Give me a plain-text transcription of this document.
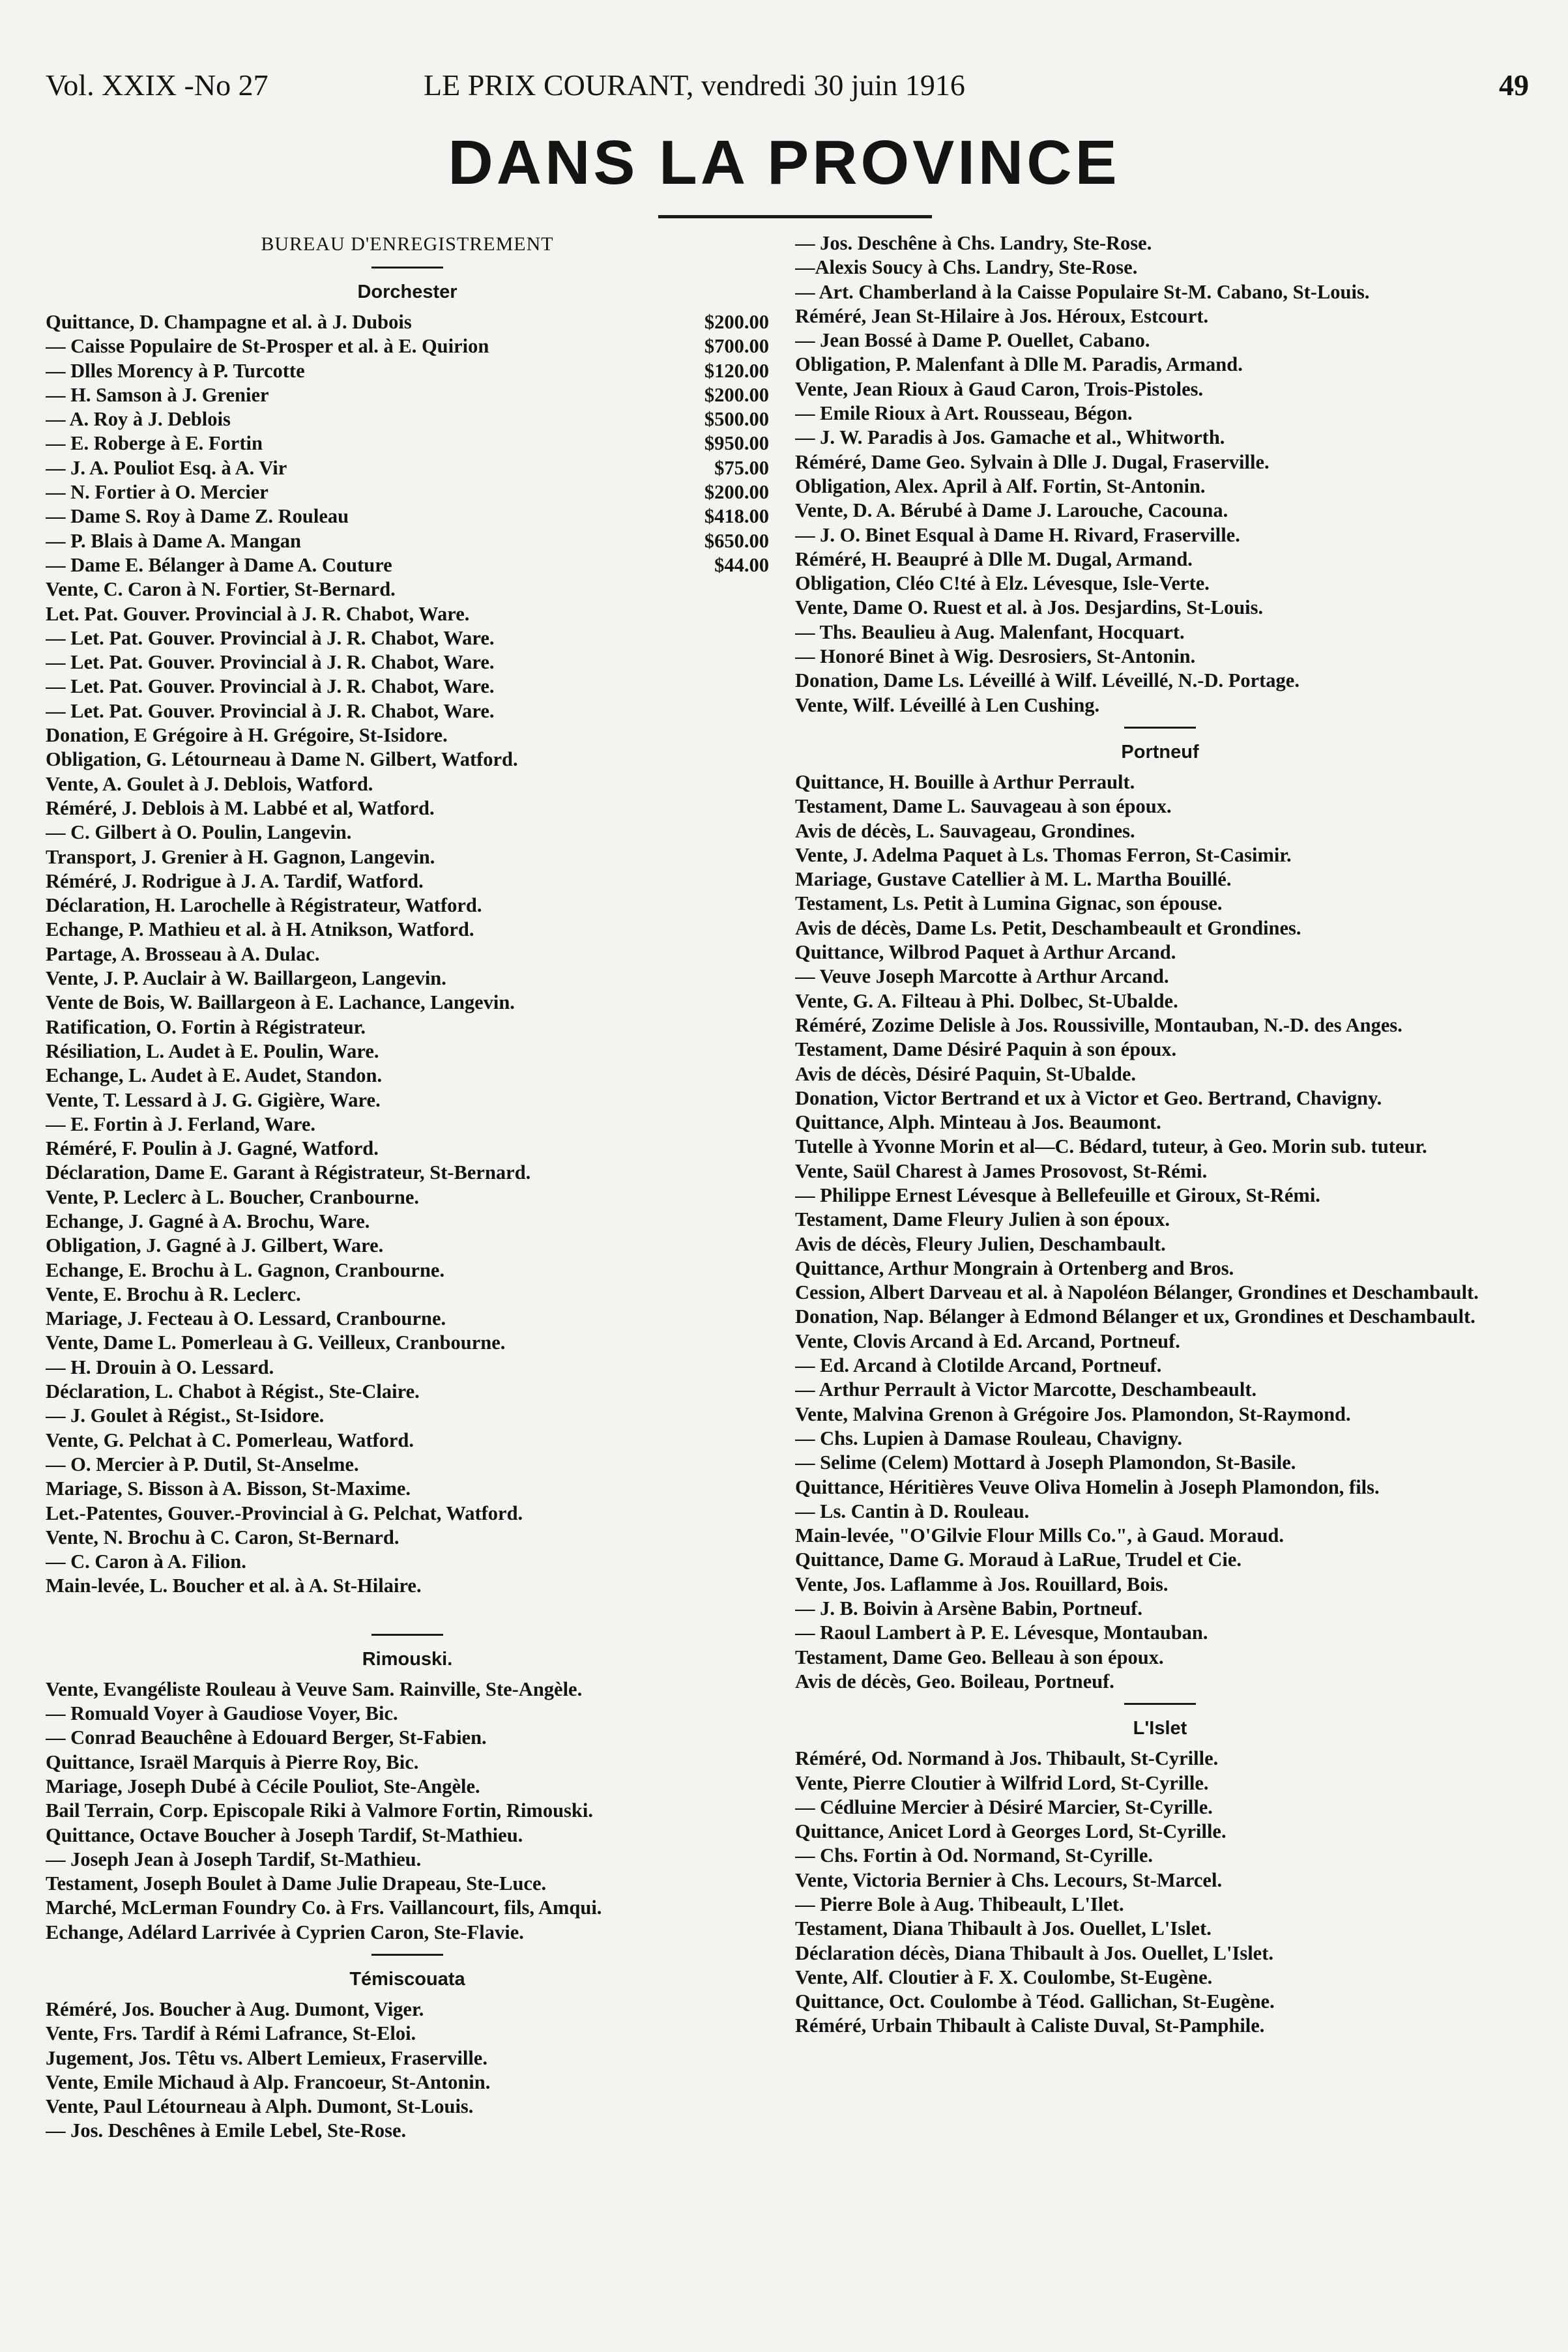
Vol. XXIX -No 27	LE PRIX COURANT, vendredi 30 juin 1916	49
DANS LA PROVINCE
BUREAU D'ENREGISTREMENT
Dorchester
Quittance, D. Champagne et al. à J. Dubois	$200.00
— Caisse Populaire de St-Prosper et al. à E. Quirion	$700.00
— Dlles Morency à P. Turcotte	$120.00
— H. Samson à J. Grenier	$200.00
— A. Roy à J. Deblois	$500.00
— E. Roberge à E. Fortin	$950.00
— J. A. Pouliot Esq. à A. Vir	$75.00
— N. Fortier à O. Mercier	$200.00
— Dame S. Roy à Dame Z. Rouleau	$418.00
— P. Blais à Dame A. Mangan	$650.00
— Dame E. Bélanger à Dame A. Couture	$44.00
Vente, C. Caron à N. Fortier, St-Bernard.
Let. Pat. Gouver. Provincial à J. R. Chabot, Ware.
— Let. Pat. Gouver. Provincial à J. R. Chabot, Ware.
— Let. Pat. Gouver. Provincial à J. R. Chabot, Ware.
— Let. Pat. Gouver. Provincial à J. R. Chabot, Ware.
— Let. Pat. Gouver. Provincial à J. R. Chabot, Ware.
Donation, E Grégoire à H. Grégoire, St-Isidore.
Obligation, G. Létourneau à Dame N. Gilbert, Watford.
Vente, A. Goulet à J. Deblois, Watford.
Réméré, J. Deblois à M. Labbé et al, Watford.
— C. Gilbert à O. Poulin, Langevin.
Transport, J. Grenier à H. Gagnon, Langevin.
Réméré, J. Rodrigue à J. A. Tardif, Watford.
Déclaration, H. Larochelle à Régistrateur, Watford.
Echange, P. Mathieu et al. à H. Atnikson, Watford.
Partage, A. Brosseau à A. Dulac.
Vente, J. P. Auclair à W. Baillargeon, Langevin.
Vente de Bois, W. Baillargeon à E. Lachance, Langevin.
Ratification, O. Fortin à Régistrateur.
Résiliation, L. Audet à E. Poulin, Ware.
Echange, L. Audet à E. Audet, Standon.
Vente, T. Lessard à J. G. Gigière, Ware.
— E. Fortin à J. Ferland, Ware.
Réméré, F. Poulin à J. Gagné, Watford.
Déclaration, Dame E. Garant à Régistrateur, St-Bernard.
Vente, P. Leclerc à L. Boucher, Cranbourne.
Echange, J. Gagné à A. Brochu, Ware.
Obligation, J. Gagné à J. Gilbert, Ware.
Echange, E. Brochu à L. Gagnon, Cranbourne.
Vente, E. Brochu à R. Leclerc.
Mariage, J. Fecteau à O. Lessard, Cranbourne.
Vente, Dame L. Pomerleau à G. Veilleux, Cranbourne.
— H. Drouin à O. Lessard.
Déclaration, L. Chabot à Régist., Ste-Claire.
— J. Goulet à Régist., St-Isidore.
Vente, G. Pelchat à C. Pomerleau, Watford.
— O. Mercier à P. Dutil, St-Anselme.
Mariage, S. Bisson à A. Bisson, St-Maxime.
Let.-Patentes, Gouver.-Provincial à G. Pelchat, Watford.
Vente, N. Brochu à C. Caron, St-Bernard.
— C. Caron à A. Filion.
Main-levée, L. Boucher et al. à A. St-Hilaire.
Rimouski.
Vente, Evangéliste Rouleau à Veuve Sam. Rainville, Ste-Angèle.
— Romuald Voyer à Gaudiose Voyer, Bic.
— Conrad Beauchêne à Edouard Berger, St-Fabien.
Quittance, Israël Marquis à Pierre Roy, Bic.
Mariage, Joseph Dubé à Cécile Pouliot, Ste-Angèle.
Bail Terrain, Corp. Episcopale Riki à Valmore Fortin, Rimouski.
Quittance, Octave Boucher à Joseph Tardif, St-Mathieu.
— Joseph Jean à Joseph Tardif, St-Mathieu.
Testament, Joseph Boulet à Dame Julie Drapeau, Ste-Luce.
Marché, McLerman Foundry Co. à Frs. Vaillancourt, fils, Amqui.
Echange, Adélard Larrivée à Cyprien Caron, Ste-Flavie.
Témiscouata
Réméré, Jos. Boucher à Aug. Dumont, Viger.
Vente, Frs. Tardif à Rémi Lafrance, St-Eloi.
Jugement, Jos. Têtu vs. Albert Lemieux, Fraserville.
Vente, Emile Michaud à Alp. Francoeur, St-Antonin.
Vente, Paul Létourneau à Alph. Dumont, St-Louis.
— Jos. Deschênes à Emile Lebel, Ste-Rose.
— Jos. Deschêne à Chs. Landry, Ste-Rose.
—Alexis Soucy à Chs. Landry, Ste-Rose.
— Art. Chamberland à la Caisse Populaire St-M. Cabano, St-Louis.
Réméré, Jean St-Hilaire à Jos. Héroux, Estcourt.
— Jean Bossé à Dame P. Ouellet, Cabano.
Obligation, P. Malenfant à Dlle M. Paradis, Armand.
Vente, Jean Rioux à Gaud Caron, Trois-Pistoles.
— Emile Rioux à Art. Rousseau, Bégon.
— J. W. Paradis à Jos. Gamache et al., Whitworth.
Réméré, Dame Geo. Sylvain à Dlle J. Dugal, Fraserville.
Obligation, Alex. April à Alf. Fortin, St-Antonin.
Vente, D. A. Bérubé à Dame J. Larouche, Cacouna.
— J. O. Binet Esqual à Dame H. Rivard, Fraserville.
Réméré, H. Beaupré à Dlle M. Dugal, Armand.
Obligation, Cléo C!té à Elz. Lévesque, Isle-Verte.
Vente, Dame O. Ruest et al. à Jos. Desjardins, St-Louis.
— Ths. Beaulieu à Aug. Malenfant, Hocquart.
— Honoré Binet à Wig. Desrosiers, St-Antonin.
Donation, Dame Ls. Léveillé à Wilf. Léveillé, N.-D. Portage.
Vente, Wilf. Léveillé à Len Cushing.
Portneuf
Quittance, H. Bouille à Arthur Perrault.
Testament, Dame L. Sauvageau à son époux.
Avis de décès, L. Sauvageau, Grondines.
Vente, J. Adelma Paquet à Ls. Thomas Ferron, St-Casimir.
Mariage, Gustave Catellier à M. L. Martha Bouillé.
Testament, Ls. Petit à Lumina Gignac, son épouse.
Avis de décès, Dame Ls. Petit, Deschambeault et Grondines.
Quittance, Wilbrod Paquet à Arthur Arcand.
— Veuve Joseph Marcotte à Arthur Arcand.
Vente, G. A. Filteau à Phi. Dolbec, St-Ubalde.
Réméré, Zozime Delisle à Jos. Roussiville, Montauban, N.-D. des Anges.
Testament, Dame Désiré Paquin à son époux.
Avis de décès, Désiré Paquin, St-Ubalde.
Donation, Victor Bertrand et ux à Victor et Geo. Bertrand, Chavigny.
Quittance, Alph. Minteau à Jos. Beaumont.
Tutelle à Yvonne Morin et al—C. Bédard, tuteur, à Geo. Morin sub. tuteur.
Vente, Saül Charest à James Prosovost, St-Rémi.
— Philippe Ernest Lévesque à Bellefeuille et Giroux, St-Rémi.
Testament, Dame Fleury Julien à son époux.
Avis de décès, Fleury Julien, Deschambault.
Quittance, Arthur Mongrain à Ortenberg and Bros.
Cession, Albert Darveau et al. à Napoléon Bélanger, Grondines et Deschambault.
Donation, Nap. Bélanger à Edmond Bélanger et ux, Grondines et Deschambault.
Vente, Clovis Arcand à Ed. Arcand, Portneuf.
— Ed. Arcand à Clotilde Arcand, Portneuf.
— Arthur Perrault à Victor Marcotte, Deschambeault.
Vente, Malvina Grenon à Grégoire Jos. Plamondon, St-Raymond.
— Chs. Lupien à Damase Rouleau, Chavigny.
— Selime (Celem) Mottard à Joseph Plamondon, St-Basile.
Quittance, Héritières Veuve Oliva Homelin à Joseph Plamondon, fils.
— Ls. Cantin à D. Rouleau.
Main-levée, "O'Gilvie Flour Mills Co.", à Gaud. Moraud.
Quittance, Dame G. Moraud à LaRue, Trudel et Cie.
Vente, Jos. Laflamme à Jos. Rouillard, Bois.
— J. B. Boivin à Arsène Babin, Portneuf.
— Raoul Lambert à P. E. Lévesque, Montauban.
Testament, Dame Geo. Belleau à son époux.
Avis de décès, Geo. Boileau, Portneuf.
L'Islet
Réméré, Od. Normand à Jos. Thibault, St-Cyrille.
Vente, Pierre Cloutier à Wilfrid Lord, St-Cyrille.
— Cédluine Mercier à Désiré Marcier, St-Cyrille.
Quittance, Anicet Lord à Georges Lord, St-Cyrille.
— Chs. Fortin à Od. Normand, St-Cyrille.
Vente, Victoria Bernier à Chs. Lecours, St-Marcel.
— Pierre Bole à Aug. Thibeault, L'Ilet.
Testament, Diana Thibault à Jos. Ouellet, L'Islet.
Déclaration décès, Diana Thibault à Jos. Ouellet, L'Islet.
Vente, Alf. Cloutier à F. X. Coulombe, St-Eugène.
Quittance, Oct. Coulombe à Téod. Gallichan, St-Eugène.
Réméré, Urbain Thibault à Caliste Duval, St-Pamphile.
